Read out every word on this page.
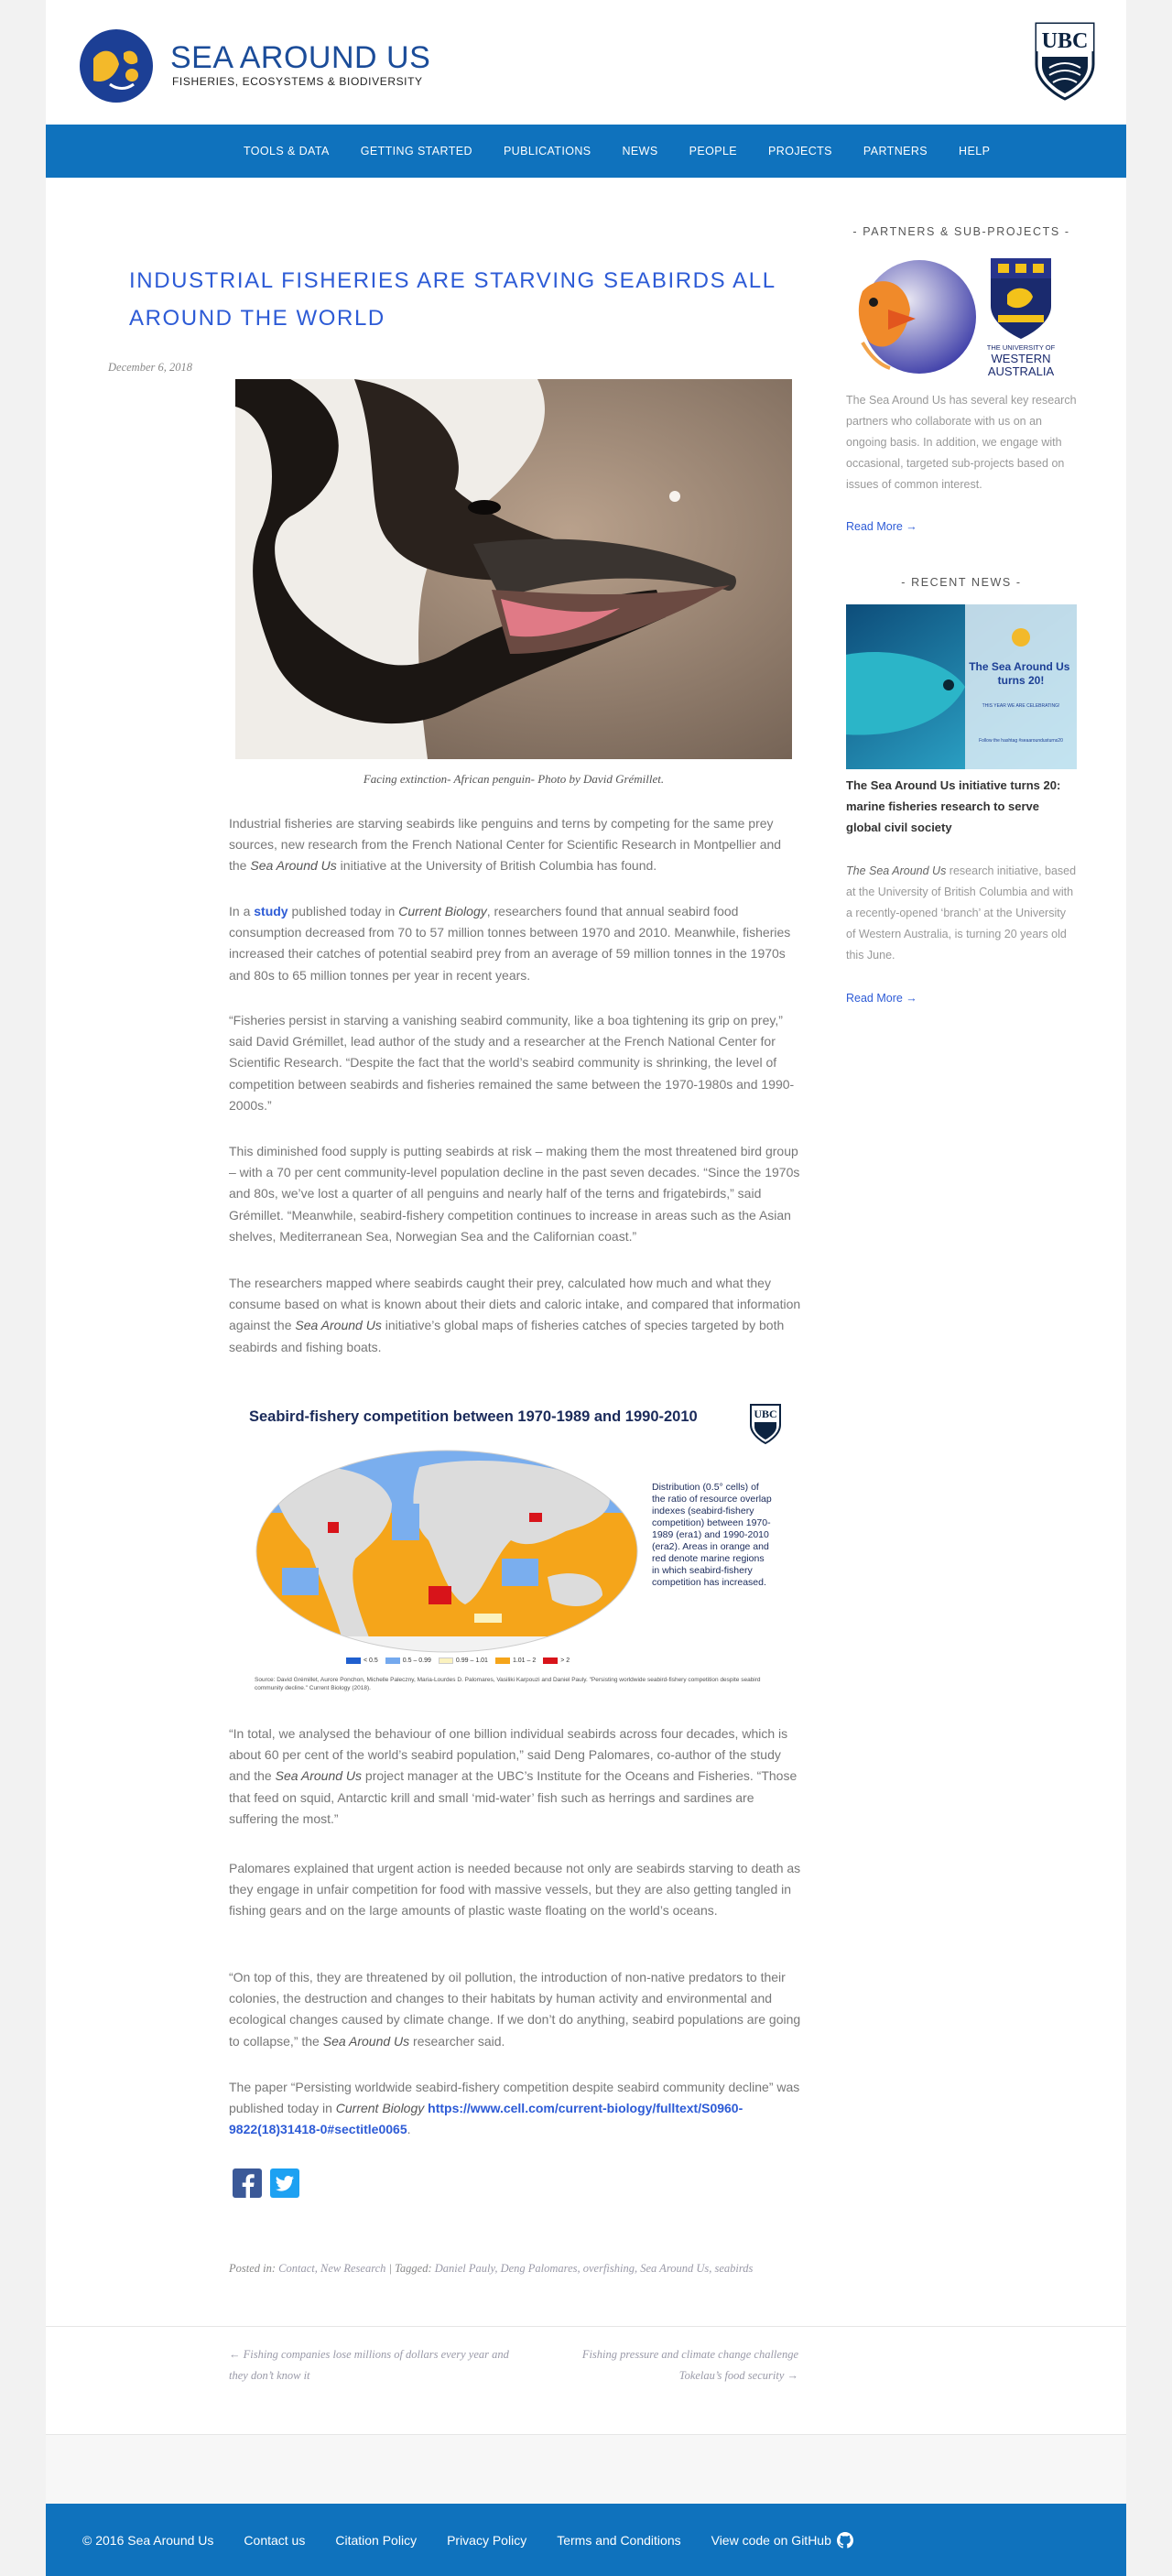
SEA AROUND US
FISHERIES, ECOSYSTEMS & BIODIVERSITY
UBC
TOOLS & DATA	GETTING STARTED	PUBLICATIONS	NEWS	PEOPLE	PROJECTS	PARTNERS	HELP
INDUSTRIAL FISHERIES ARE STARVING SEABIRDS ALL AROUND THE WORLD
December 6, 2018
Facing extinction- African penguin- Photo by David Grémillet.

Industrial fisheries are starving seabirds like penguins and terns by competing for the same prey sources, new research from the French National Center for Scientific Research in Montpellier and the Sea Around Us initiative at the University of British Columbia has found.

In a study published today in Current Biology, researchers found that annual seabird food consumption decreased from 70 to 57 million tonnes between 1970 and 2010. Meanwhile, fisheries increased their catches of potential seabird prey from an average of 59 million tonnes in the 1970s and 80s to 65 million tonnes per year in recent years.

“Fisheries persist in starving a vanishing seabird community, like a boa tightening its grip on prey,” said David Grémillet, lead author of the study and a researcher at the French National Center for Scientific Research. “Despite the fact that the world’s seabird community is shrinking, the level of competition between seabirds and fisheries remained the same between the 1970-1980s and 1990-2000s.”

This diminished food supply is putting seabirds at risk – making them the most threatened bird group – with a 70 per cent community-level population decline in the past seven decades. “Since the 1970s and 80s, we’ve lost a quarter of all penguins and nearly half of the terns and frigatebirds,” said Grémillet. “Meanwhile, seabird-fishery competition continues to increase in areas such as the Asian shelves, Mediterranean Sea, Norwegian Sea and the Californian coast.”

The researchers mapped where seabirds caught their prey, calculated how much and what they consume based on what is known about their diets and caloric intake, and compared that information against the Sea Around Us initiative’s global maps of fisheries catches of species targeted by both seabirds and fishing boats.

Seabird-fishery competition between 1970-1989 and 1990-2010	UBC
Distribution (0.5° cells) of the ratio of resource overlap indexes (seabird-fishery competition) between 1970-1989 (era1) and 1990-2010 (era2). Areas in orange and red denote marine regions in which seabird-fishery competition has increased.
< 0.5	0.5 – 0.99	0.99 – 1.01	1.01 – 2	> 2
Source: David Grémillet, Aurore Ponchon, Michelle Paleczny, Maria-Lourdes D. Palomares, Vasiliki Karpouzi and Daniel Pauly. "Persisting worldwide seabird-fishery competition despite seabird community decline." Current Biology (2018).

“In total, we analysed the behaviour of one billion individual seabirds across four decades, which is about 60 per cent of the world’s seabird population,” said Deng Palomares, co-author of the study and the Sea Around Us project manager at the UBC’s Institute for the Oceans and Fisheries. “Those that feed on squid, Antarctic krill and small ‘mid-water’ fish such as herrings and sardines are suffering the most.”

Palomares explained that urgent action is needed because not only are seabirds starving to death as they engage in unfair competition for food with massive vessels, but they are also getting tangled in fishing gears and on the large amounts of plastic waste floating on the world’s oceans.

“On top of this, they are threatened by oil pollution, the introduction of non-native predators to their colonies, the destruction and changes to their habitats by human activity and environmental and ecological changes caused by climate change. If we don’t do anything, seabird populations are going to collapse,” the Sea Around Us researcher said.

The paper “Persisting worldwide seabird-fishery competition despite seabird community decline” was published today in Current Biology https://www.cell.com/current-biology/fulltext/S0960-9822(18)31418-0#sectitle0065.

Posted in: Contact, New Research | Tagged: Daniel Pauly, Deng Palomares, overfishing, Sea Around Us, seabirds
← Fishing companies lose millions of dollars every year and they don’t know it
Fishing pressure and climate change challenge Tokelau’s food security →
- PARTNERS & SUB-PROJECTS -
THE UNIVERSITY OF
WESTERN
AUSTRALIA

The Sea Around Us has several key research partners who collaborate with us on an ongoing basis. In addition, we engage with occasional, targeted sub-projects based on issues of common interest.

Read More →
- RECENT NEWS -
The Sea Around Us turns 20!
THIS YEAR WE ARE CELEBRATING!
Follow the hashtag #seaaroundusturns20
The Sea Around Us initiative turns 20: marine fisheries research to serve global civil society

The Sea Around Us research initiative, based at the University of British Columbia and with a recently-opened ‘branch’ at the University of Western Australia, is turning 20 years old this June.

Read More →
© 2016 Sea Around Us Contact us Citation Policy Privacy Policy Terms and Conditions View code on GitHub
